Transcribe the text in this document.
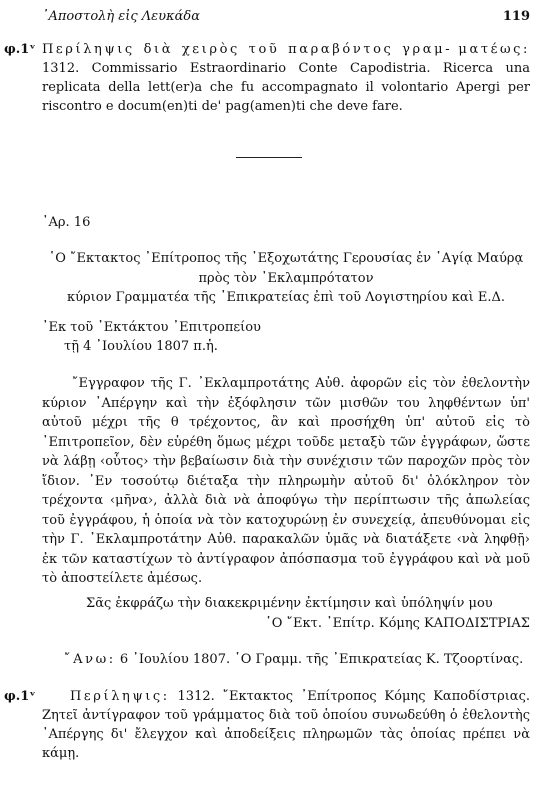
᾽Αποστολὴ εἰς Λευκάδα	119
φ.1ᵛ Περίληψις διὰ χειρὸς τοῦ παραβόντος γραμ- ματέως: 1312. Commissario Estraordinario Conte Capodistria. Ricerca una replicata della lett(er)a che fu accompagnato il volontario Apergi per riscontro e docum(en)ti de' pag(amen)ti che deve fare.
᾽Αρ. 16
῾Ο ῎Εκτακτος ᾽Επίτροπος τῆς ᾽Εξοχωτάτης Γερουσίας ἐν ῾Αγίᾳ Μαύρᾳ
πρὸς τὸν ᾽Εκλαμπρότατον
κύριον Γραμματέα τῆς ᾽Επικρατείας ἐπὶ τοῦ Λογιστηρίου καὶ Ε.Δ.
᾽Εκ τοῦ ᾽Εκτάκτου ᾽Επιτροπείου
τῇ 4 ᾽Ιουλίου 1807 π.ἡ.
῎Εγγραφον τῆς Γ. ᾽Εκλαμπροτάτης Αὐθ. ἀφορῶν εἰς τὸν ἐθελοντὴν κύριον ᾽Απέργην καὶ τὴν ἐξόφλησιν τῶν μισθῶν του ληφθέντων ὑπ' αὐτοῦ μέχρι τῆς θ τρέχοντος, ἂν καὶ προσήχθη ὑπ' αὐτοῦ εἰς τὸ ᾽Επιτροπεῖον, δὲν εὑρέθη ὅμως μέχρι τοῦδε μεταξὺ τῶν ἐγγράφων, ὥστε νὰ λάβῃ ‹οὗτος› τὴν βεβαίωσιν διὰ τὴν συνέχισιν τῶν παροχῶν πρὸς τὸν ἴδιον. ᾽Εν τοσούτῳ διέταξα τὴν πληρωμὴν αὐτοῦ δι' ὁλόκληρον τὸν τρέχοντα ‹μῆνα›, ἀλλὰ διὰ νὰ ἀποφύγω τὴν περίπτωσιν τῆς ἀπωλείας τοῦ ἐγγράφου, ἡ ὁποία νὰ τὸν κατοχυρώνῃ ἐν συνεχείᾳ, ἀπευθύνομαι εἰς τὴν Γ. ᾽Εκλαμπροτάτην Αὐθ. παρακαλῶν ὑμᾶς νὰ διατάξετε ‹νὰ ληφθῇ› ἐκ τῶν καταστίχων τὸ ἀντίγραφον ἀπόσπασμα τοῦ ἐγγράφου καὶ νὰ μοῦ τὸ ἀποστείλετε ἀμέσως.
Σᾶς ἐκφράζω τὴν διακεκριμένην ἐκτίμησιν καὶ ὑπόληψίν μου
῾Ο ῎Εκτ. ᾽Επίτρ. Κόμης ΚΑΠΟΔΙΣΤΡΙΑΣ
῎Ανω: 6 ᾽Ιουλίου 1807. ῾Ο Γραμμ. τῆς ᾽Επικρατείας Κ. Τζοορτίνας.
φ.1ᵛ	Περίληψις: 1312. ῎Εκτακτος ᾽Επίτροπος Κόμης Καποδίστριας. Ζητεῖ ἀντίγραφον τοῦ γράμματος διὰ τοῦ ὁποίου συνωδεύθη ὁ ἐθελοντὴς ᾽Απέργης δι' ἔλεγχον καὶ ἀποδείξεις πληρωμῶν τὰς ὁποίας πρέπει νὰ κάμῃ.
